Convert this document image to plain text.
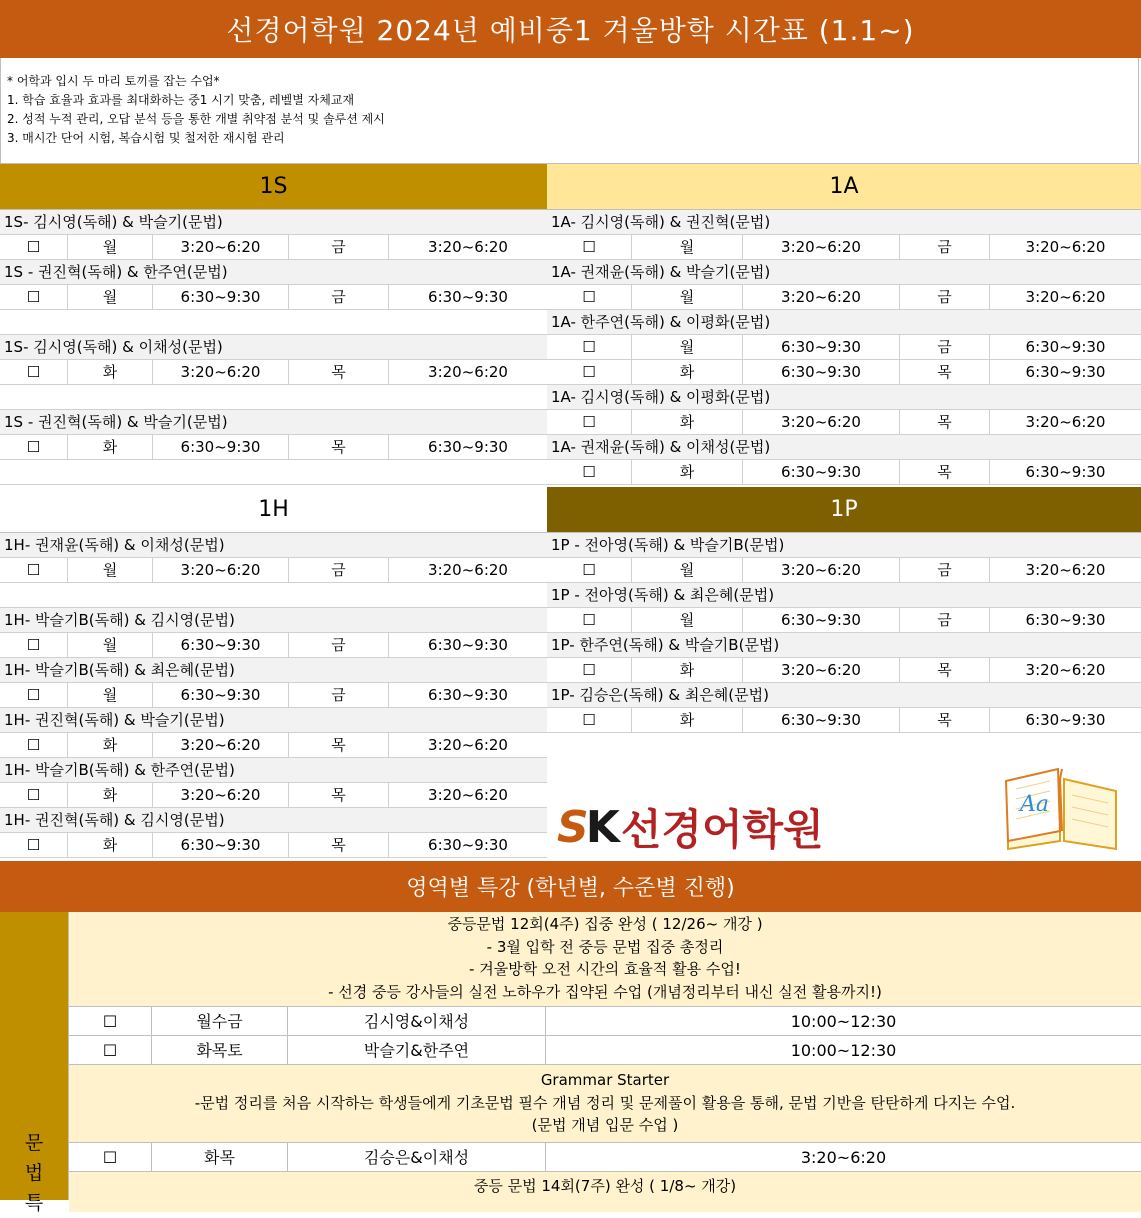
선경어학원 2024년 예비중1 겨울방학 시간표 (1.1~)
* 어학과 입시 두 마리 토끼를 잡는 수업*
1. 학습 효율과 효과를 최대화하는 중1 시기 맞춤, 레벨별 자체교재
2. 성적 누적 관리, 오답 분석 등을 통한 개별 취약점 분석 및 솔루션 제시
3. 매시간 단어 시험, 복습시험 및 철저한 재시험 관리
1S
1S- 김시영(독해) & 박슬기(문법)
☐	월	3:20~6:20	금	3:20~6:20
1S - 권진혁(독해) & 한주연(문법)
☐	월	6:30~9:30	금	6:30~9:30
1S- 김시영(독해) & 이채성(문법)
☐	화	3:20~6:20	목	3:20~6:20
1S - 권진혁(독해) & 박슬기(문법)
☐	화	6:30~9:30	목	6:30~9:30
1A
1A- 김시영(독해) & 권진혁(문법)
☐	월	3:20~6:20	금	3:20~6:20
1A- 권재윤(독해) & 박슬기(문법)
☐	월	3:20~6:20	금	3:20~6:20
1A- 한주연(독해) & 이평화(문법)
☐	월	6:30~9:30	금	6:30~9:30
☐	화	6:30~9:30	목	6:30~9:30
1A- 김시영(독해) & 이평화(문법)
☐	화	3:20~6:20	목	3:20~6:20
1A- 권재윤(독해) & 이채성(문법)
☐	화	6:30~9:30	목	6:30~9:30
1H
1H- 권재윤(독해) & 이채성(문법)
☐	월	3:20~6:20	금	3:20~6:20
1H- 박슬기B(독해) & 김시영(문법)
☐	월	6:30~9:30	금	6:30~9:30
1H- 박슬기B(독해) & 최은혜(문법)
☐	월	6:30~9:30	금	6:30~9:30
1H- 권진혁(독해) & 박슬기(문법)
☐	화	3:20~6:20	목	3:20~6:20
1H- 박슬기B(독해) & 한주연(문법)
☐	화	3:20~6:20	목	3:20~6:20
1H- 권진혁(독해) & 김시영(문법)
☐	화	6:30~9:30	목	6:30~9:30
1P
1P - 전아영(독해) & 박슬기B(문법)
☐	월	3:20~6:20	금	3:20~6:20
1P - 전아영(독해) & 최은혜(문법)
☐	월	6:30~9:30	금	6:30~9:30
1P- 한주연(독해) & 박슬기B(문법)
☐	화	3:20~6:20	목	3:20~6:20
1P- 김승은(독해) & 최은혜(문법)
☐	화	6:30~9:30	목	6:30~9:30
SK 선경어학원
Aa
영역별 특강 (학년별, 수준별 진행)
문
법
특
중등문법 12회(4주) 집중 완성 ( 12/26~ 개강 )
- 3월 입학 전 중등 문법 집중 총정리
- 겨울방학 오전 시간의 효율적 활용 수업!
- 선경 중등 강사들의 실전 노하우가 집약된 수업 (개념정리부터 내신 실전 활용까지!)
☐	월수금	김시영&이채성	10:00~12:30
☐	화목토	박슬기&한주연	10:00~12:30
Grammar Starter
-문법 정리를 처음 시작하는 학생들에게 기초문법 필수 개념 정리 및 문제풀이 활용을 통해, 문법 기반을 탄탄하게 다지는 수업.
(문법 개념 입문 수업 )
☐	화목	김승은&이채성	3:20~6:20
중등 문법 14회(7주) 완성 ( 1/8~ 개강)
